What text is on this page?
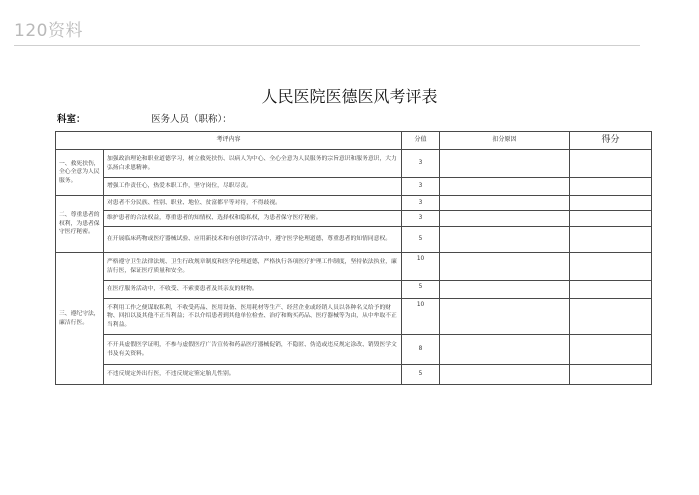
120资料
人民医院医德医风考评表
科室：	医务人员（职称）：
考评内容		分值	扣分原因	得分
一、救死扶伤，全心全意为人民服务。	加强政治理论和职业道德学习，树立救死扶伤、以病人为中心、全心全意为人民服务的宗旨意识和服务意识，大力弘扬白求恩精神。	3		
	增强工作责任心，热爱本职工作，坚守岗位，尽职尽责。	3		
二、尊重患者的权利，为患者保守医疗秘密。	对患者不分民族、性别、职业、地位、贫富都平等对待，不得歧视。	3		
	维护患者的合法权益，尊重患者的知情权、选择权和隐私权，为患者保守医疗秘密。	3		
	在开展临床药物或医疗器械试验、应用新技术和有创诊疗活动中，遵守医学伦理道德，尊重患者的知情同意权。	5		
三、遵纪守法，廉洁行医。	严格遵守卫生法律法规、卫生行政规章制度和医学伦理道德，严格执行各项医疗护理工作制度，坚持依法执业，廉洁行医，保证医疗质量和安全。	10		
	在医疗服务活动中，不收受、不索要患者及其亲友的财物。	5		
	不利用工作之便谋取私利，不收受药品、医用设备、医用耗材等生产、经营企业或经销人员以各种名义给予的财物、回扣以及其他不正当利益；不以介绍患者到其他单位检查、治疗和购买药品、医疗器械等为由，从中牟取不正当利益。	10		
	不开具虚假医学证明，不参与虚假医疗广告宣传和药品医疗器械促销，不隐匿、伪造或违反规定涂改、销毁医学文书及有关资料。	8		
	不违反规定外出行医，不违反规定鉴定胎儿性别。	5		
